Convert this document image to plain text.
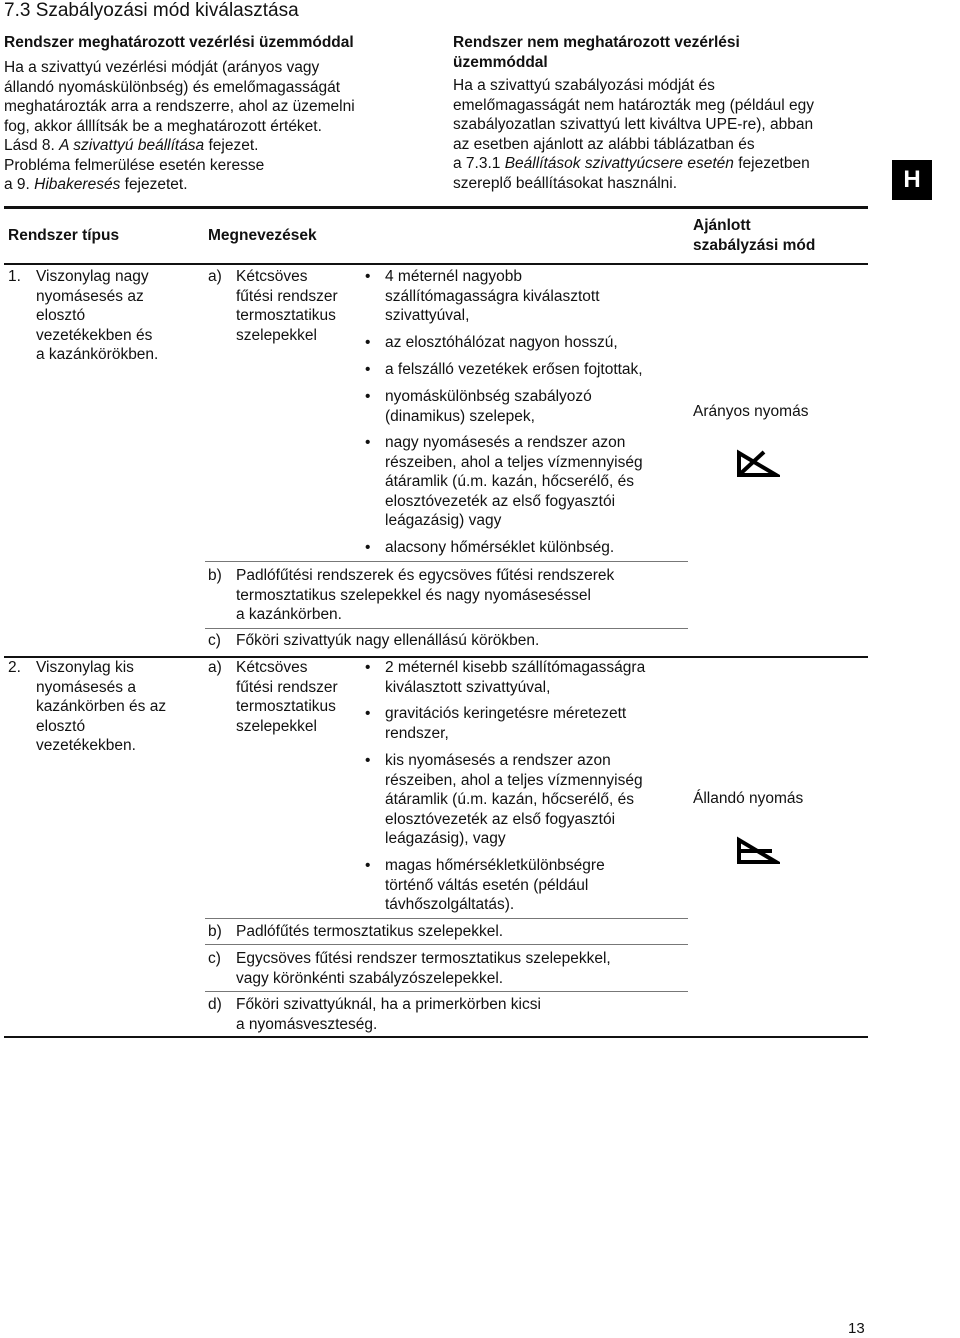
7.3 Szabályozási mód kiválasztása
Rendszer meghatározott vezérlési üzemmóddal
Ha a szivattyú vezérlési módját (arányos vagy
állandó nyomáskülönbség) és emelőmagasságát
meghatározták arra a rendszerre, ahol az üzemelni
fog, akkor álllítsák be a meghatározott értéket.
Lásd 8. A szivattyú beállítása fejezet.
Probléma felmerülése esetén keresse
a 9. Hibakeresés fejezetet.
Rendszer nem meghatározott vezérlési
üzemmóddal
Ha a szivattyú szabályozási módját és
emelőmagasságát nem határozták meg (például egy
szabályozatlan szivattyú lett kiváltva UPE-re), abban
az esetben ajánlott az alábbi táblázatban és
a 7.3.1 Beállítások szivattyúcsere esetén fejezetben
szereplő beállításokat használni.	H
Rendszer típus	Megnevezések
Ajánlott
szabályzási mód
1. Viszonylag nagy
nyomásesés az
elosztó
vezetékekben és
a kazánkörökben.
a) Kétcsöves
fűtési rendszer
termosztatikus
szelepekkel
• 4 méternél nagyobb
szállítómagasságra kiválasztott
szivattyúval,
• az elosztóhálózat nagyon hosszú,
• a felszálló vezetékek erősen fojtottak,
• nyomáskülönbség szabályozó
(dinamikus) szelepek,
• nagy nyomásesés a rendszer azon
részeiben, ahol a teljes vízmennyiség
átáramlik (ú.m. kazán, hőcserélő, és
elosztóvezeték az első fogyasztói
leágazásig) vagy
• alacsony hőmérséklet különbség.
b) Padlófűtési rendszerek és egycsöves fűtési rendszerek
termosztatikus szelepekkel és nagy nyomáseséssel
a kazánkörben.
c) Főköri szivattyúk nagy ellenállású körökben.
Arányos nyomás
2. Viszonylag kis
nyomásesés a
kazánkörben és az
elosztó
vezetékekben.
a) Kétcsöves
fűtési rendszer
termosztatikus
szelepekkel
• 2 méternél kisebb szállítómagasságra
kiválasztott szivattyúval,
• gravitációs keringetésre méretezett
rendszer,
• kis nyomásesés a rendszer azon
részeiben, ahol a teljes vízmennyiség
átáramlik (ú.m. kazán, hőcserélő, és
elosztóvezeték az első fogyasztói
leágazásig), vagy
• magas hőmérsékletkülönbségre
történő váltás esetén (például
távhőszolgáltatás).
b) Padlófűtés termosztatikus szelepekkel.
c) Egycsöves fűtési rendszer termosztatikus szelepekkel,
vagy körönkénti szabályzószelepekkel.
d) Főköri szivattyúknál, ha a primerkörben kicsi
a nyomásveszteség.
Állandó nyomás
13
